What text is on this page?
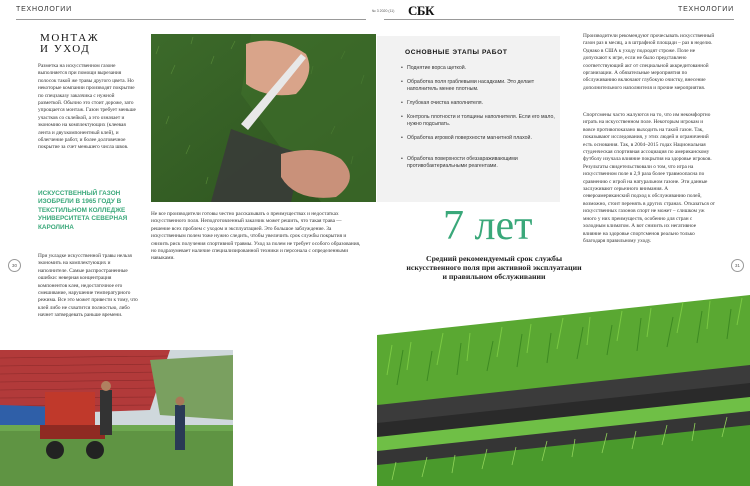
ТЕХНОЛОГИИ	№ 3 2020 (11) СБК	ТЕХНОЛОГИИ
МОНТАЖ
И УХОД
Разметка на искусственном газоне выполняется при помощи вырезания полосок такой же травы другого цвета. Но некоторые компании производят покрытие по спецзаказу заказчика с нужной разметкой. Обычно это стоит дороже, зато упрощается монтаж. Газон требует меньше участков со склейкой, а это означает и экономию на комплектующих (клеевая лента и двухкомпонентный клей), и облегчение работ, и более долговечное покрытие за счет меньшего числа швов.
ИСКУССТВЕННЫЙ ГАЗОН ИЗОБРЕЛИ В 1965 ГОДУ В ТЕКСТИЛЬНОМ КОЛЛЕДЖЕ УНИВЕРСИТЕТА СЕВЕРНАЯ КАРОЛИНА
30	31
При укладке искусственной травы нельзя экономить на комплектующих и наполнителе. Самые распространенные ошибки: неверная концентрация компонентов клея, недостаточное его смешивание, нарушение температурного режима. Все это может привести к тому, что клей либо не схватится полностью, либо начнет затвердевать раньше времени.
ОСНОВНЫЕ ЭТАПЫ РАБОТ
• Поднятие ворса щеткой.
• Обработка поля граблевыми насадками. Это делает наполнитель менее плотным.
• Глубокая очистка наполнителя.
• Контроль плотности и толщины наполнителя. Если его мало, нужно подсыпать.
• Обработка игровой поверхности магнитной плахой.
• Обработка поверхности обеззараживающими противобактериальными реагентами.
Не все производители готовы честно рассказывать о преимуществах и недостатках искусственного поля. Неподготовленный заказчик может решить, что такая трава — решение всех проблем с уходом и эксплуатацией. Это большое заблуждение. За искусственным полем тоже нужно следить, чтобы увеличить срок службы покрытия и снизить риск получения спортивной травмы. Уход за полем не требует особого образования, но подразумевает наличие специализированной техники и персонала с определенными навыками.
7 лет
Средний рекомендуемый срок службы искусственного поля при активной эксплуатации и правильном обслуживании
Производители рекомендуют прочесывать искусственный газон раз в месяц, а в штрафной площади – раз в неделю. Однако в США к уходу подходят строже. Поле не допускают к игре, если не было представлено соответствующий акт от специальной аккредитованной организации. А обязательные мероприятия по обслуживанию включают глубокую очистку, внесение дополнительного наполнителя и прочие мероприятия.
Спортсмены часто жалуются на то, что им некомфортно играть на искусственном поле. Некоторым игрокам и вовсе противопоказано выходить на такой газон. Так, показывают исследования, у этих людей и ограничений есть основания. Так, в 2004–2015 годах Национальная студенческая спортивная ассоциация по американскому футболу изучала влияние покрытия на здоровье игроков. Результаты свидетельствовали о том, что игра на искусственном поле в 2,9 раза более травмоопасна по сравнению с игрой на натуральном газоне. Эти данные заслуживают серьезного внимания. А североамериканский подход к обслуживанию полей, возможно, стоит перенять в других странах. Отказаться от искусственных газонов спорт не может – слишком уж много у них преимуществ, особенно для стран с холодным климатом. А вот снизить их негативное влияние на здоровье спортсменов реально только благодаря правильному уходу.
